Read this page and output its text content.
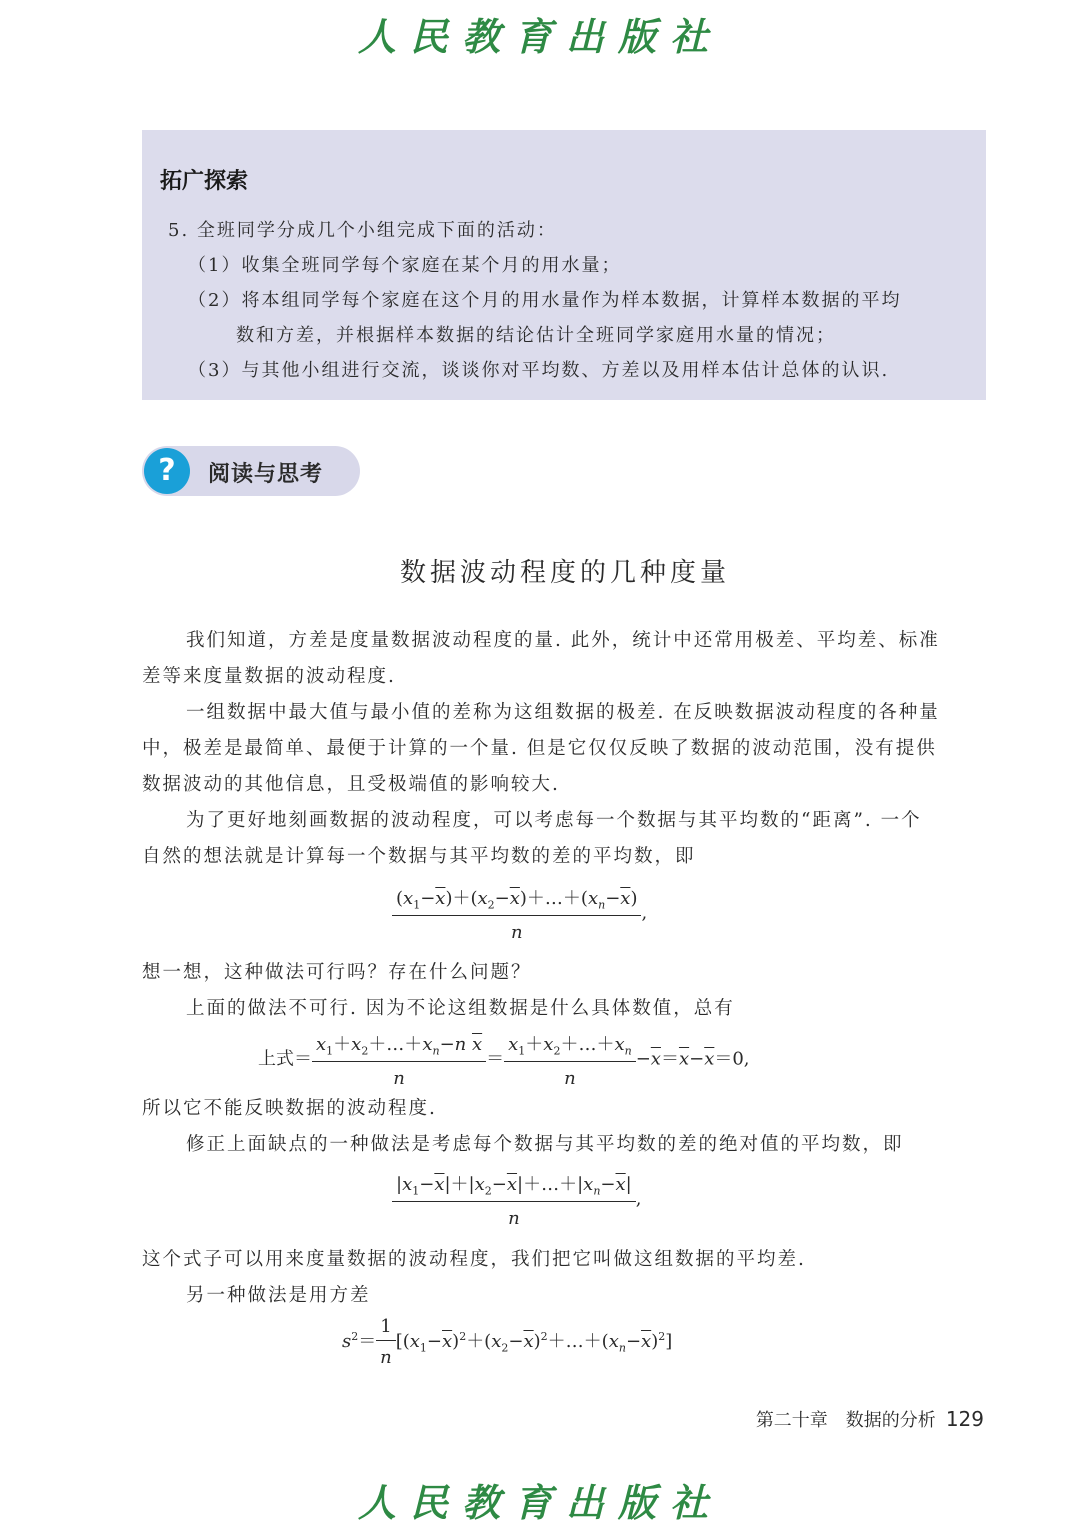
人民教育出版社
拓广探索
5. 全班同学分成几个小组完成下面的活动：
（1）收集全班同学每个家庭在某个月的用水量；
（2）将本组同学每个家庭在这个月的用水量作为样本数据，计算样本数据的平均
数和方差，并根据样本数据的结论估计全班同学家庭用水量的情况；
（3）与其他小组进行交流，谈谈你对平均数、方差以及用样本估计总体的认识.
?	阅读与思考
数据波动程度的几种度量
我们知道，方差是度量数据波动程度的量. 此外，统计中还常用极差、平均差、标准
差等来度量数据的波动程度.
一组数据中最大值与最小值的差称为这组数据的极差. 在反映数据波动程度的各种量
中，极差是最简单、最便于计算的一个量. 但是它仅仅反映了数据的波动范围，没有提供
数据波动的其他信息，且受极端值的影响较大.
为了更好地刻画数据的波动程度，可以考虑每一个数据与其平均数的“距离”. 一个
自然的想法就是计算每一个数据与其平均数的差的平均数，即
$\frac{(x_1-\overline{x})+(x_2-\overline{x})+\dots+(x_n-\overline{x})}{n}$ ,
想一想，这种做法可行吗？存在什么问题？
上面的做法不可行. 因为不论这组数据是什么具体数值，总有
上式＝ $\frac{x_1+x_2+\dots+x_n-n \overline{x}}{n} = \frac{x_1+x_2+\dots+x_n}{n} -\overline{x}=\overline{x}-\overline{x}=0$,
所以它不能反映数据的波动程度.
修正上面缺点的一种做法是考虑每个数据与其平均数的差的绝对值的平均数，即
$\frac{|x_1-\overline{x}|+|x_2-\overline{x}|+\dots+|x_n-\overline{x}|}{n}$ ,
这个式子可以用来度量数据的波动程度，我们把它叫做这组数据的平均差.
另一种做法是用方差
$s^2= \frac{1}{n}$ $[(x_1-\overline{x})^2+(x_2-\overline{x})^2+\dots+(x_n-\overline{x})^2]$
第二十章　数据的分析 129
人民教育出版社
